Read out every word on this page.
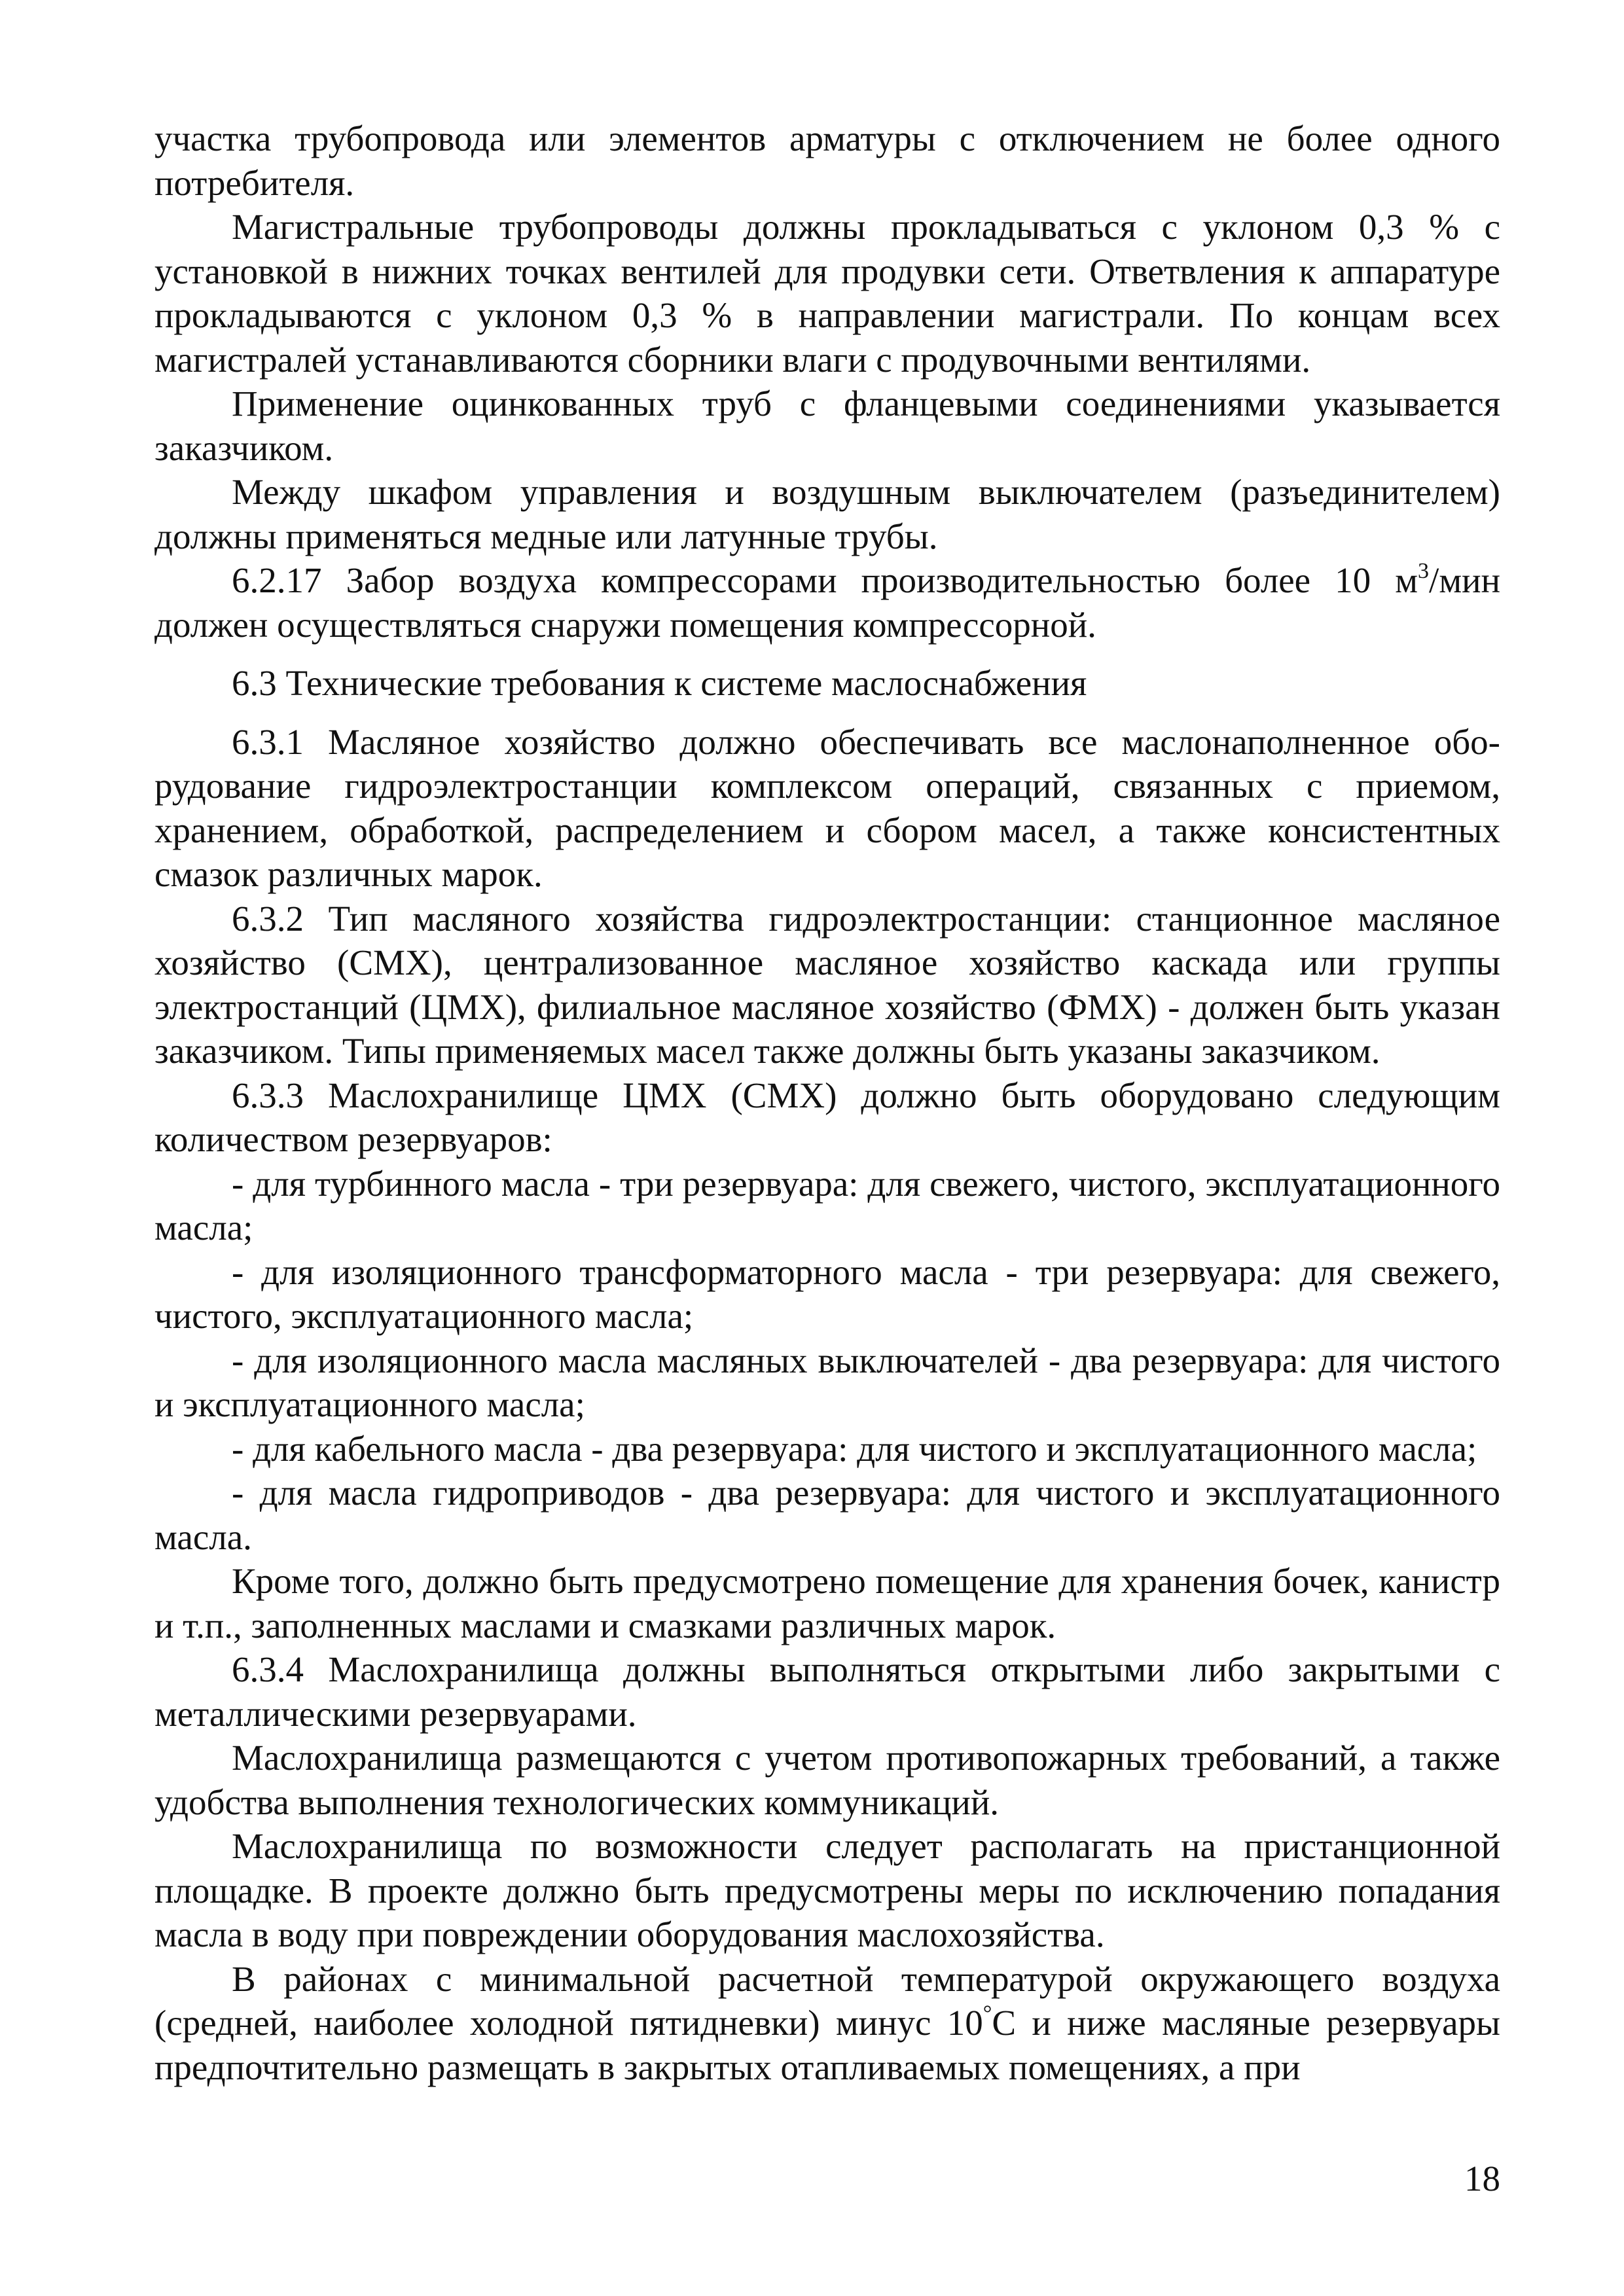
участка трубопровода или элементов арматуры с отключением не более одного потребителя.

Магистральные трубопроводы должны прокладываться с уклоном 0,3 % с установкой в нижних точках вентилей для продувки сети. Ответвления к аппаратуре прокладываются с уклоном 0,3 % в направлении магистрали. По концам всех магистралей устанавливаются сборники влаги с продувочными вентилями.

Применение оцинкованных труб с фланцевыми соединениями указывается заказчиком.

Между шкафом управления и воздушным выключателем (разъединителем) должны применяться медные или латунные трубы.

6.2.17 Забор воздуха компрессорами производительностью более 10 $м^3$/мин должен осуществляться снаружи помещения компрессорной.

6.3 Технические требования к системе маслоснабжения

6.3.1 Масляное хозяйство должно обеспечивать все маслонаполненное оборудование гидроэлектростанции комплексом операций, связанных с приемом, хранением, обработкой, распределением и сбором масел, а также консистентных смазок различных марок.

6.3.2 Тип масляного хозяйства гидроэлектростанции: станционное масляное хозяйство (СМХ), централизованное масляное хозяйство каскада или группы электростанций (ЦМХ), филиальное масляное хозяйство (ФМХ) - должен быть указан заказчиком. Типы применяемых масел также должны быть указаны заказчиком.

6.3.3 Маслохранилище ЦМХ (СМХ) должно быть оборудовано следующим количеством резервуаров:

- для турбинного масла - три резервуара: для свежего, чистого, эксплуатационного масла;

- для изоляционного трансформаторного масла - три резервуара: для свежего, чистого, эксплуатационного масла;

- для изоляционного масла масляных выключателей - два резервуара: для чистого и эксплуатационного масла;

- для кабельного масла - два резервуара: для чистого и эксплуатационного масла;

- для масла гидроприводов - два резервуара: для чистого и эксплуатационного масла.

Кроме того, должно быть предусмотрено помещение для хранения бочек, канистр и т.п., заполненных маслами и смазками различных марок.

6.3.4 Маслохранилища должны выполняться открытыми либо закрытыми с металлическими резервуарами.

Маслохранилища размещаются с учетом противопожарных требований, а также удобства выполнения технологических коммуникаций.

Маслохранилища по возможности следует располагать на пристанционной площадке. В проекте должно быть предусмотрены меры по исключению попадания масла в воду при повреждении оборудования маслохозяйства.

В районах с минимальной расчетной температурой окружающего воздуха (средней, наиболее холодной пятидневки) минус 10°С и ниже масляные резервуары предпочтительно размещать в закрытых отапливаемых помещениях, а при

18
